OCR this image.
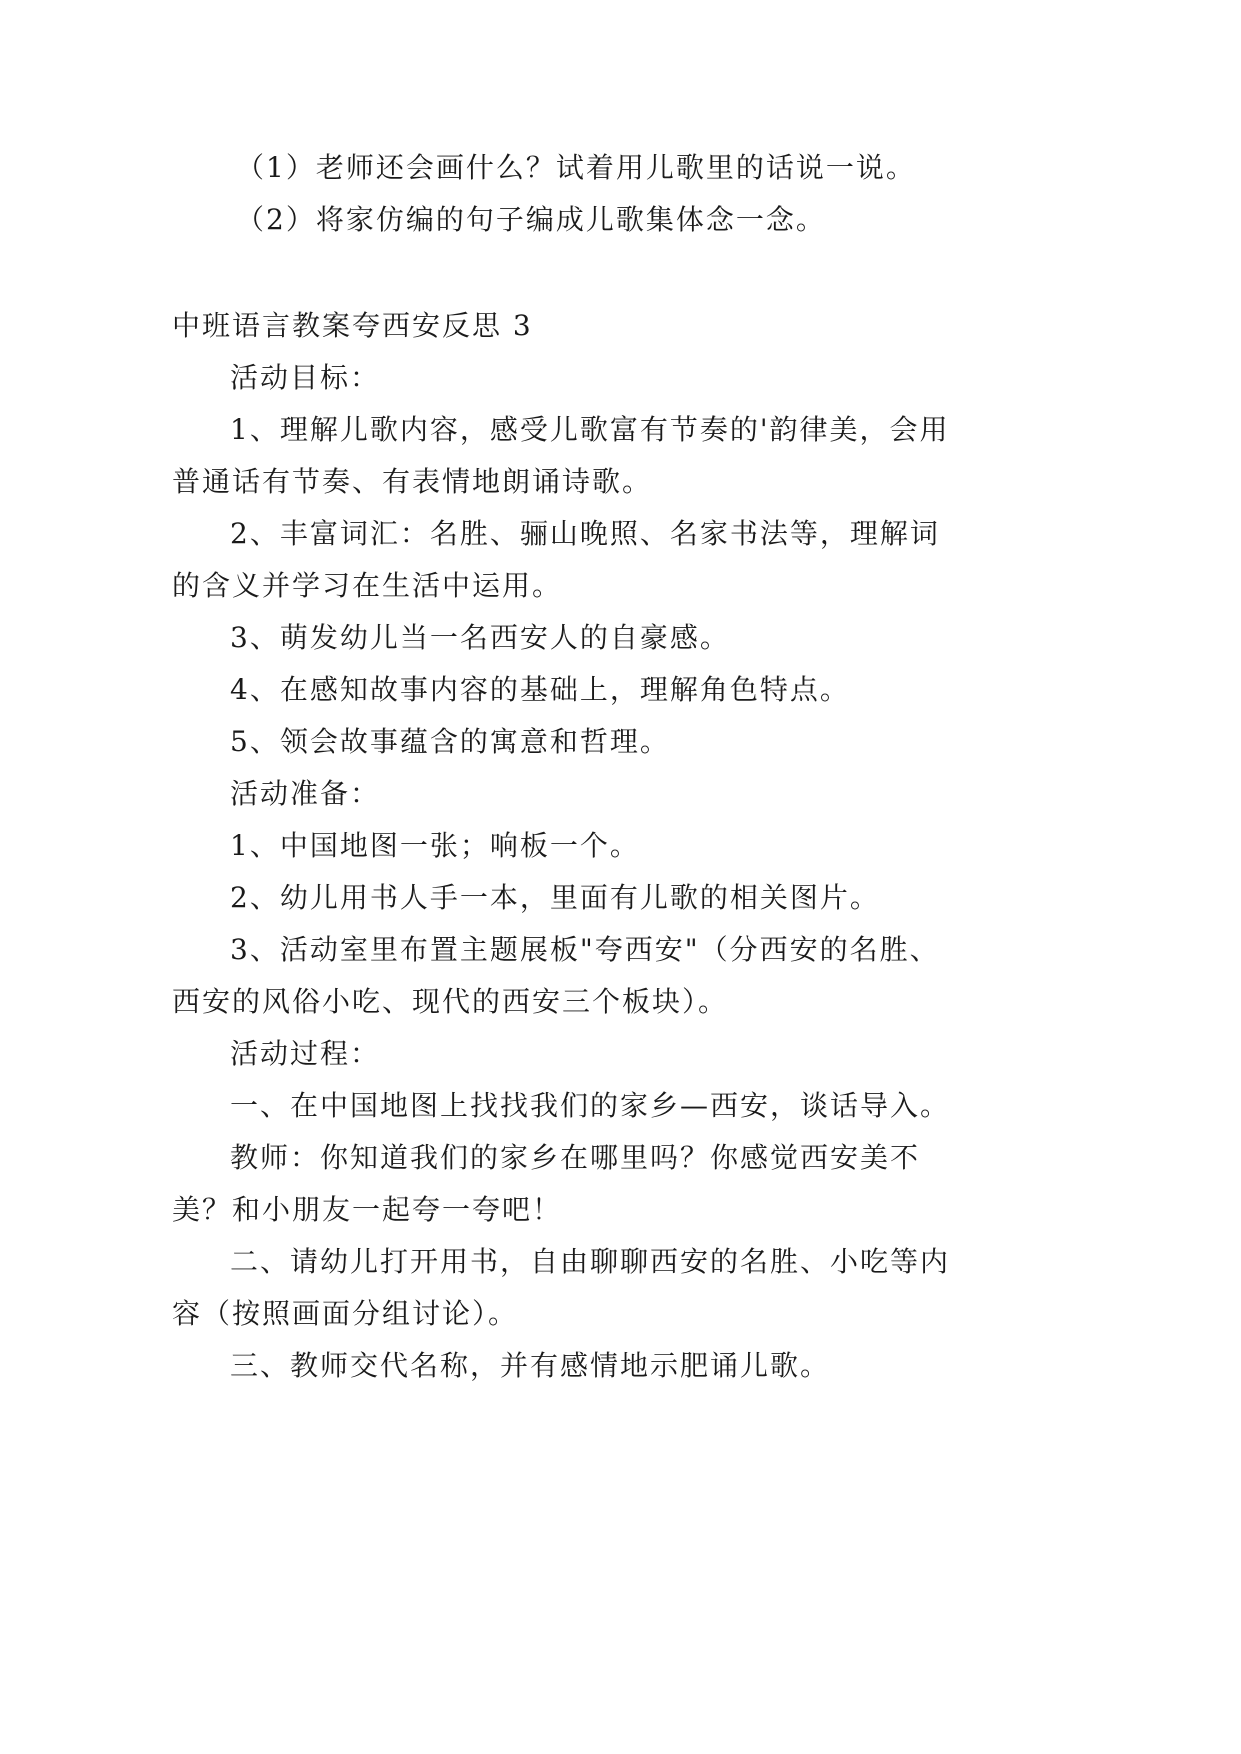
（1）老师还会画什么？试着用儿歌里的话说一说。
（2）将家仿编的句子编成儿歌集体念一念。
中班语言教案夸西安反思 3
活动目标：
1、理解儿歌内容，感受儿歌富有节奏的'韵律美，会用
普通话有节奏、有表情地朗诵诗歌。
2、丰富词汇：名胜、骊山晚照、名家书法等，理解词
的含义并学习在生活中运用。
3、萌发幼儿当一名西安人的自豪感。
4、在感知故事内容的基础上，理解角色特点。
5、领会故事蕴含的寓意和哲理。
活动准备：
1、中国地图一张；响板一个。
2、幼儿用书人手一本，里面有儿歌的相关图片。
3、活动室里布置主题展板"夸西安"（分西安的名胜、
西安的风俗小吃、现代的西安三个板块）。
活动过程：
一、在中国地图上找找我们的家乡—西安，谈话导入。
教师：你知道我们的家乡在哪里吗？你感觉西安美不
美？和小朋友一起夸一夸吧！
二、请幼儿打开用书，自由聊聊西安的名胜、小吃等内
容（按照画面分组讨论）。
三、教师交代名称，并有感情地示肥诵儿歌。
